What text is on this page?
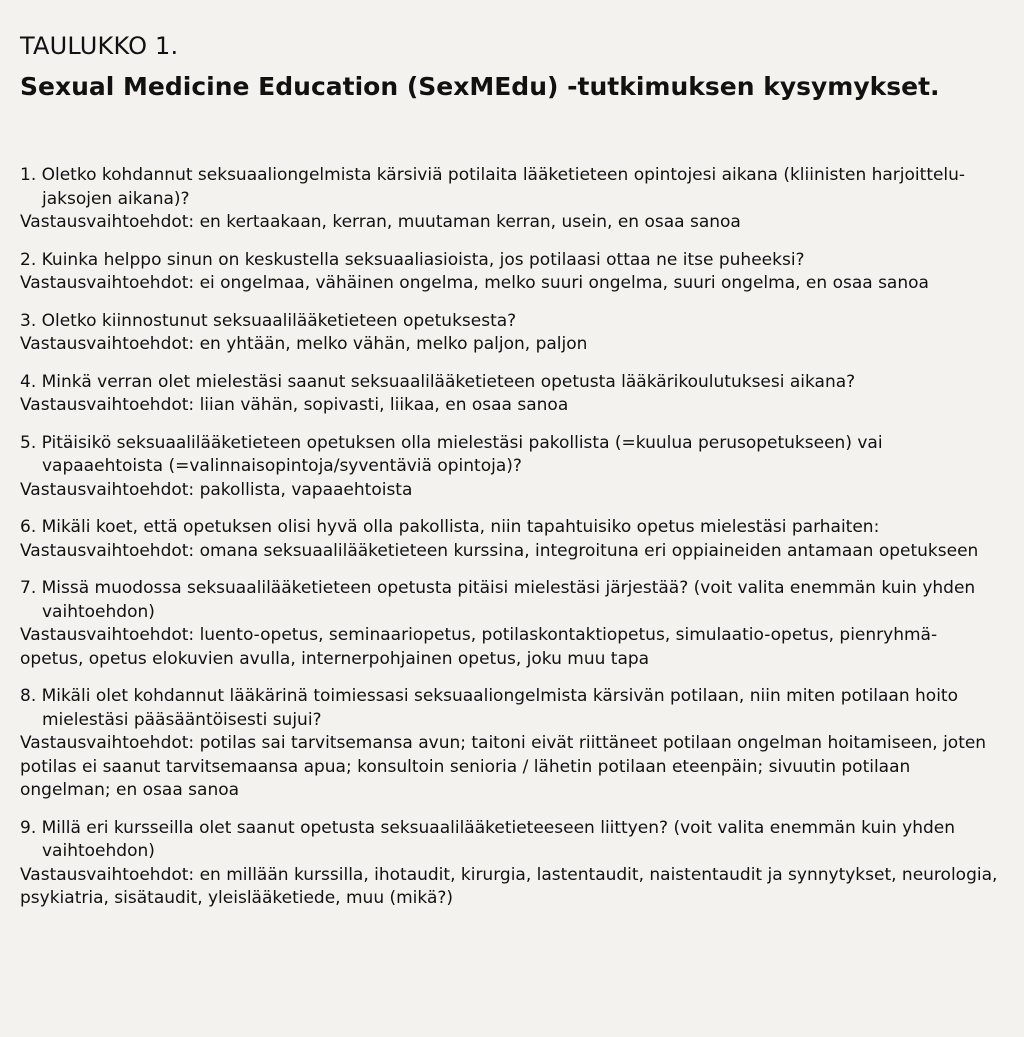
TAULUKKO 1.
Sexual Medicine Education (SexMEdu) -tutkimuksen kysymykset.
1. Oletko kohdannut seksuaaliongelmista kärsiviä potilaita lääketieteen opintojesi aikana (kliinisten harjoittelu-jaksojen aikana)?
Vastausvaihtoehdot: en kertaakaan, kerran, muutaman kerran, usein, en osaa sanoa
2. Kuinka helppo sinun on keskustella seksuaaliasioista, jos potilaasi ottaa ne itse puheeksi?
Vastausvaihtoehdot: ei ongelmaa, vähäinen ongelma, melko suuri ongelma, suuri ongelma, en osaa sanoa
3. Oletko kiinnostunut seksuaalilääketieteen opetuksesta?
Vastausvaihtoehdot: en yhtään, melko vähän, melko paljon, paljon
4. Minkä verran olet mielestäsi saanut seksuaalilääketieteen opetusta lääkärikoulutuksesi aikana?
Vastausvaihtoehdot: liian vähän, sopivasti, liikaa, en osaa sanoa
5. Pitäisikö seksuaalilääketieteen opetuksen olla mielestäsi pakollista (=kuulua perusopetukseen) vai vapaaehtoista (=valinnaisopintoja/syventäviä opintoja)?
Vastausvaihtoehdot: pakollista, vapaaehtoista
6. Mikäli koet, että opetuksen olisi hyvä olla pakollista, niin tapahtuisiko opetus mielestäsi parhaiten:
Vastausvaihtoehdot: omana seksuaalilääketieteen kurssina, integroituna eri oppiaineiden antamaan opetukseen
7. Missä muodossa seksuaalilääketieteen opetusta pitäisi mielestäsi järjestää? (voit valita enemmän kuin yhden vaihtoehdon)
Vastausvaihtoehdot: luento-opetus, seminaariopetus, potilaskontaktiopetus, simulaatio-opetus, pienryhmä-opetus, opetus elokuvien avulla, internerpohjainen opetus, joku muu tapa
8. Mikäli olet kohdannut lääkärinä toimiessasi seksuaaliongelmista kärsivän potilaan, niin miten potilaan hoito mielestäsi pääsääntöisesti sujui?
Vastausvaihtoehdot: potilas sai tarvitsemansa avun; taitoni eivät riittäneet potilaan ongelman hoitamiseen, joten potilas ei saanut tarvitsemaansa apua; konsultoin senioria / lähetin potilaan eteenpäin; sivuutin potilaan ongelman; en osaa sanoa
9. Millä eri kursseilla olet saanut opetusta seksuaalilääketieteeseen liittyen? (voit valita enemmän kuin yhden vaihtoehdon)
Vastausvaihtoehdot: en millään kurssilla, ihotaudit, kirurgia, lastentaudit, naistentaudit ja synnytykset, neurologia, psykiatria, sisätaudit, yleislääketiede, muu (mikä?)
